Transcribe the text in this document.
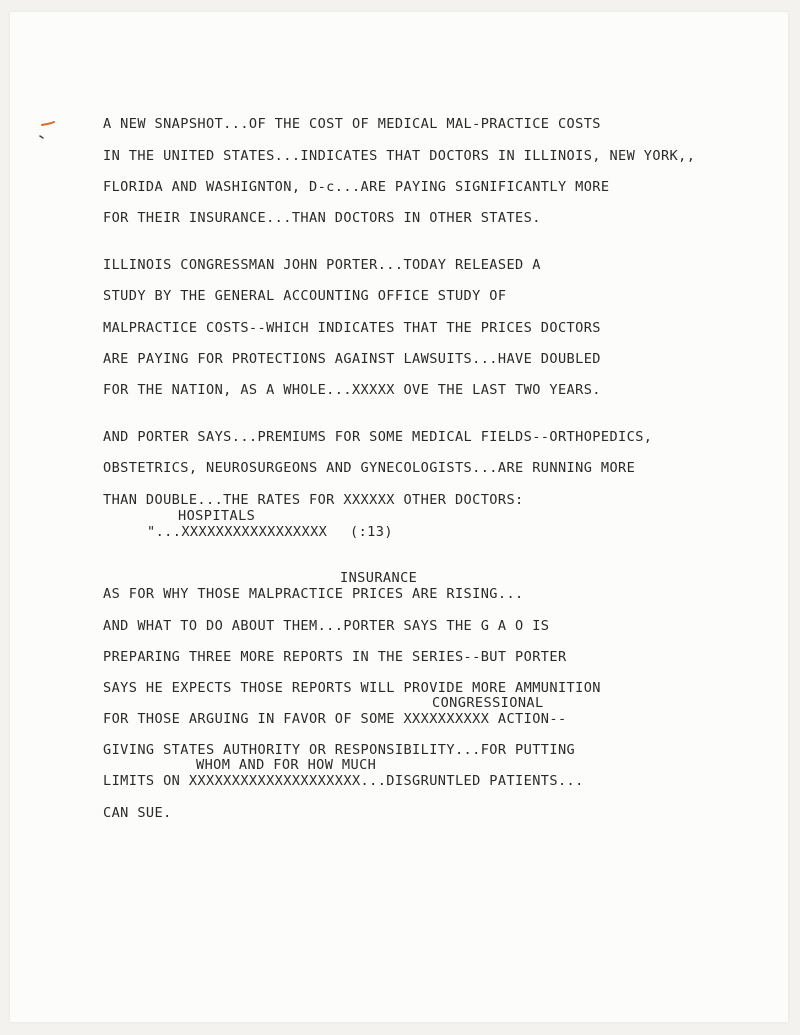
A NEW SNAPSHOT...OF THE COST OF MEDICAL MAL-PRACTICE COSTS
IN THE UNITED STATES...INDICATES THAT DOCTORS IN ILLINOIS, NEW YORK,,
FLORIDA AND WASHIGNTON, D-c...ARE PAYING SIGNIFICANTLY MORE
FOR THEIR INSURANCE...THAN DOCTORS IN OTHER STATES.
ILLINOIS CONGRESSMAN JOHN PORTER...TODAY RELEASED A
STUDY BY THE GENERAL ACCOUNTING OFFICE STUDY OF
MALPRACTICE COSTS--WHICH INDICATES THAT THE PRICES DOCTORS
ARE PAYING FOR PROTECTIONS AGAINST LAWSUITS...HAVE DOUBLED
FOR THE NATION, AS A WHOLE...XXXXX OVE THE LAST TWO YEARS.
AND PORTER SAYS...PREMIUMS FOR SOME MEDICAL FIELDS--ORTHOPEDICS,
OBSTETRICS, NEUROSURGEONS AND GYNECOLOGISTS...ARE RUNNING MORE
THAN DOUBLE...THE RATES FOR XXXXXX OTHER DOCTORS:
HOSPITALS
"...XXXXXXXXXXXXXXXXX (:13)
INSURANCE
AS FOR WHY THOSE MALPRACTICE PRICES ARE RISING...
AND WHAT TO DO ABOUT THEM...PORTER SAYS THE G A O IS
PREPARING THREE MORE REPORTS IN THE SERIES--BUT PORTER
SAYS HE EXPECTS THOSE REPORTS WILL PROVIDE MORE AMMUNITION
CONGRESSIONAL
FOR THOSE ARGUING IN FAVOR OF SOME XXXXXXXXXX ACTION--
GIVING STATES AUTHORITY OR RESPONSIBILITY...FOR PUTTING
WHOM AND FOR HOW MUCH
LIMITS ON XXXXXXXXXXXXXXXXXXXX...DISGRUNTLED PATIENTS...
CAN SUE.
